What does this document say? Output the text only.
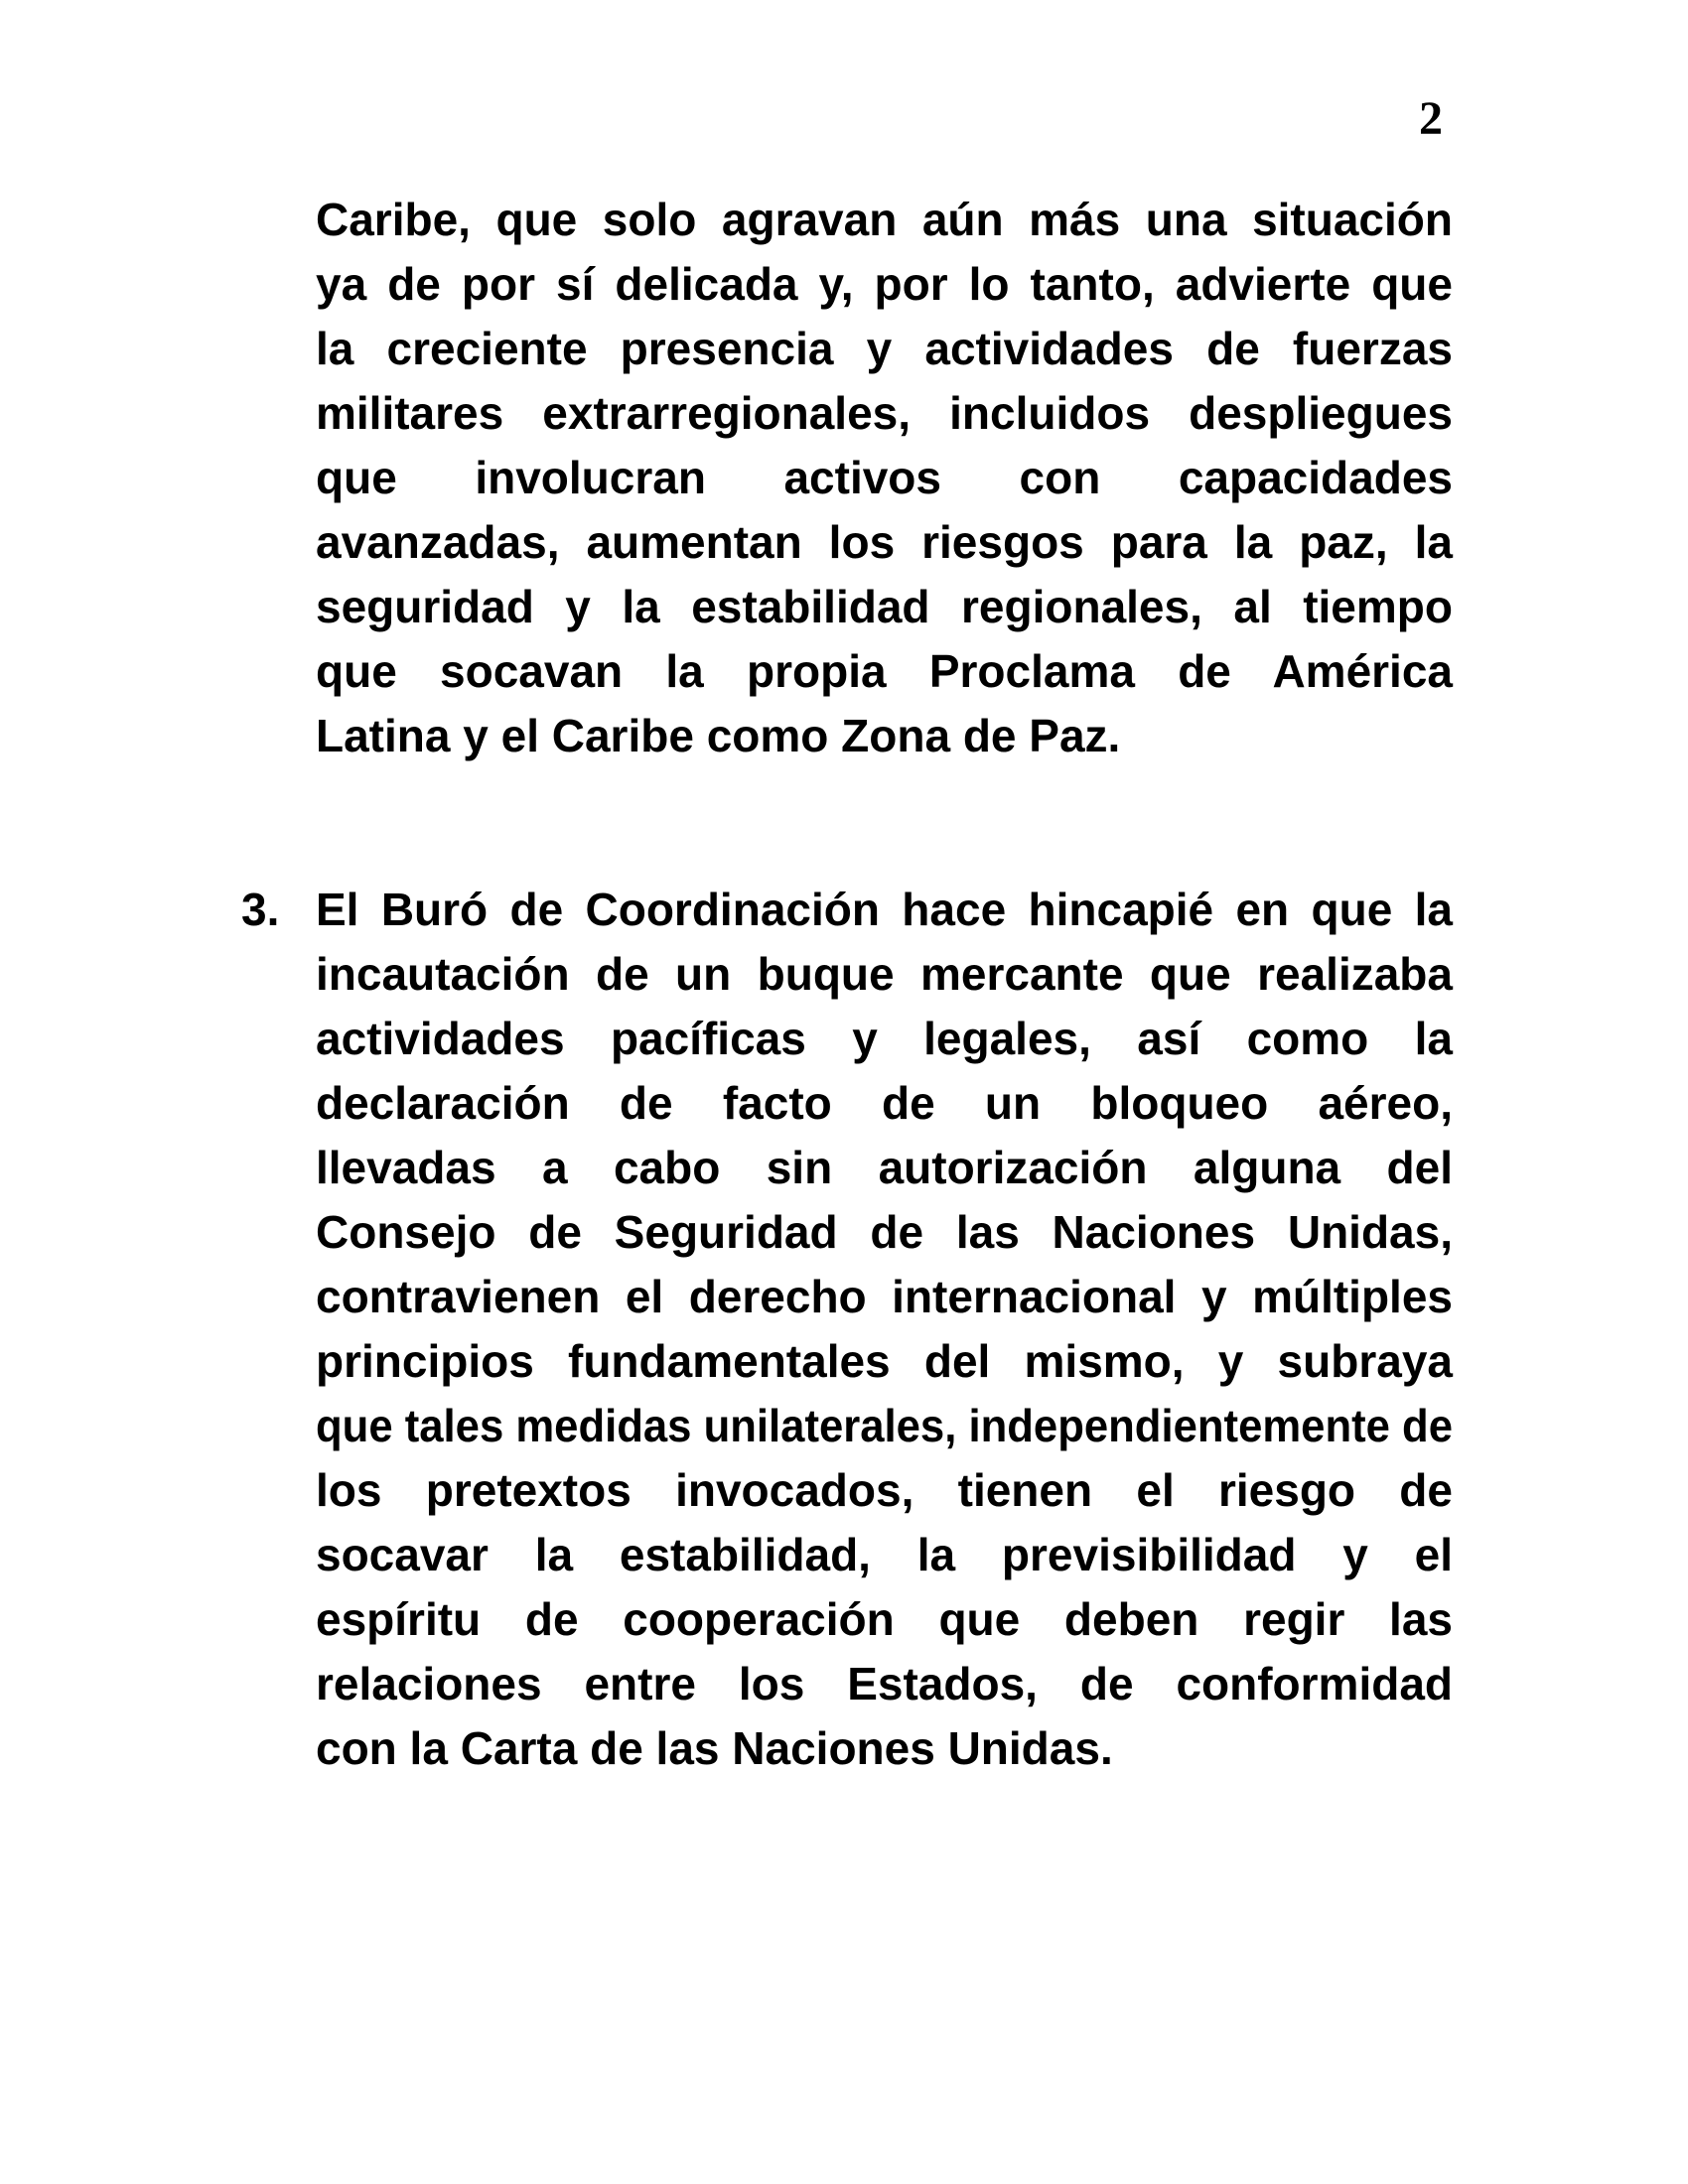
2
3.
Caribe, que solo agravan aún más una situación
ya de por sí delicada y, por lo tanto, advierte que
la creciente presencia y actividades de fuerzas
militares extrarregionales, incluidos despliegues
que involucran activos con capacidades
avanzadas, aumentan los riesgos para la paz, la
seguridad y la estabilidad regionales, al tiempo
que socavan la propia Proclama de América
Latina y el Caribe como Zona de Paz.
El Buró de Coordinación hace hincapié en que la
incautación de un buque mercante que realizaba
actividades pacíficas y legales, así como la
declaración de facto de un bloqueo aéreo,
llevadas a cabo sin autorización alguna del
Consejo de Seguridad de las Naciones Unidas,
contravienen el derecho internacional y múltiples
principios fundamentales del mismo, y subraya
que tales medidas unilaterales, independientemente de
los pretextos invocados, tienen el riesgo de
socavar la estabilidad, la previsibilidad y el
espíritu de cooperación que deben regir las
relaciones entre los Estados, de conformidad
con la Carta de las Naciones Unidas.
